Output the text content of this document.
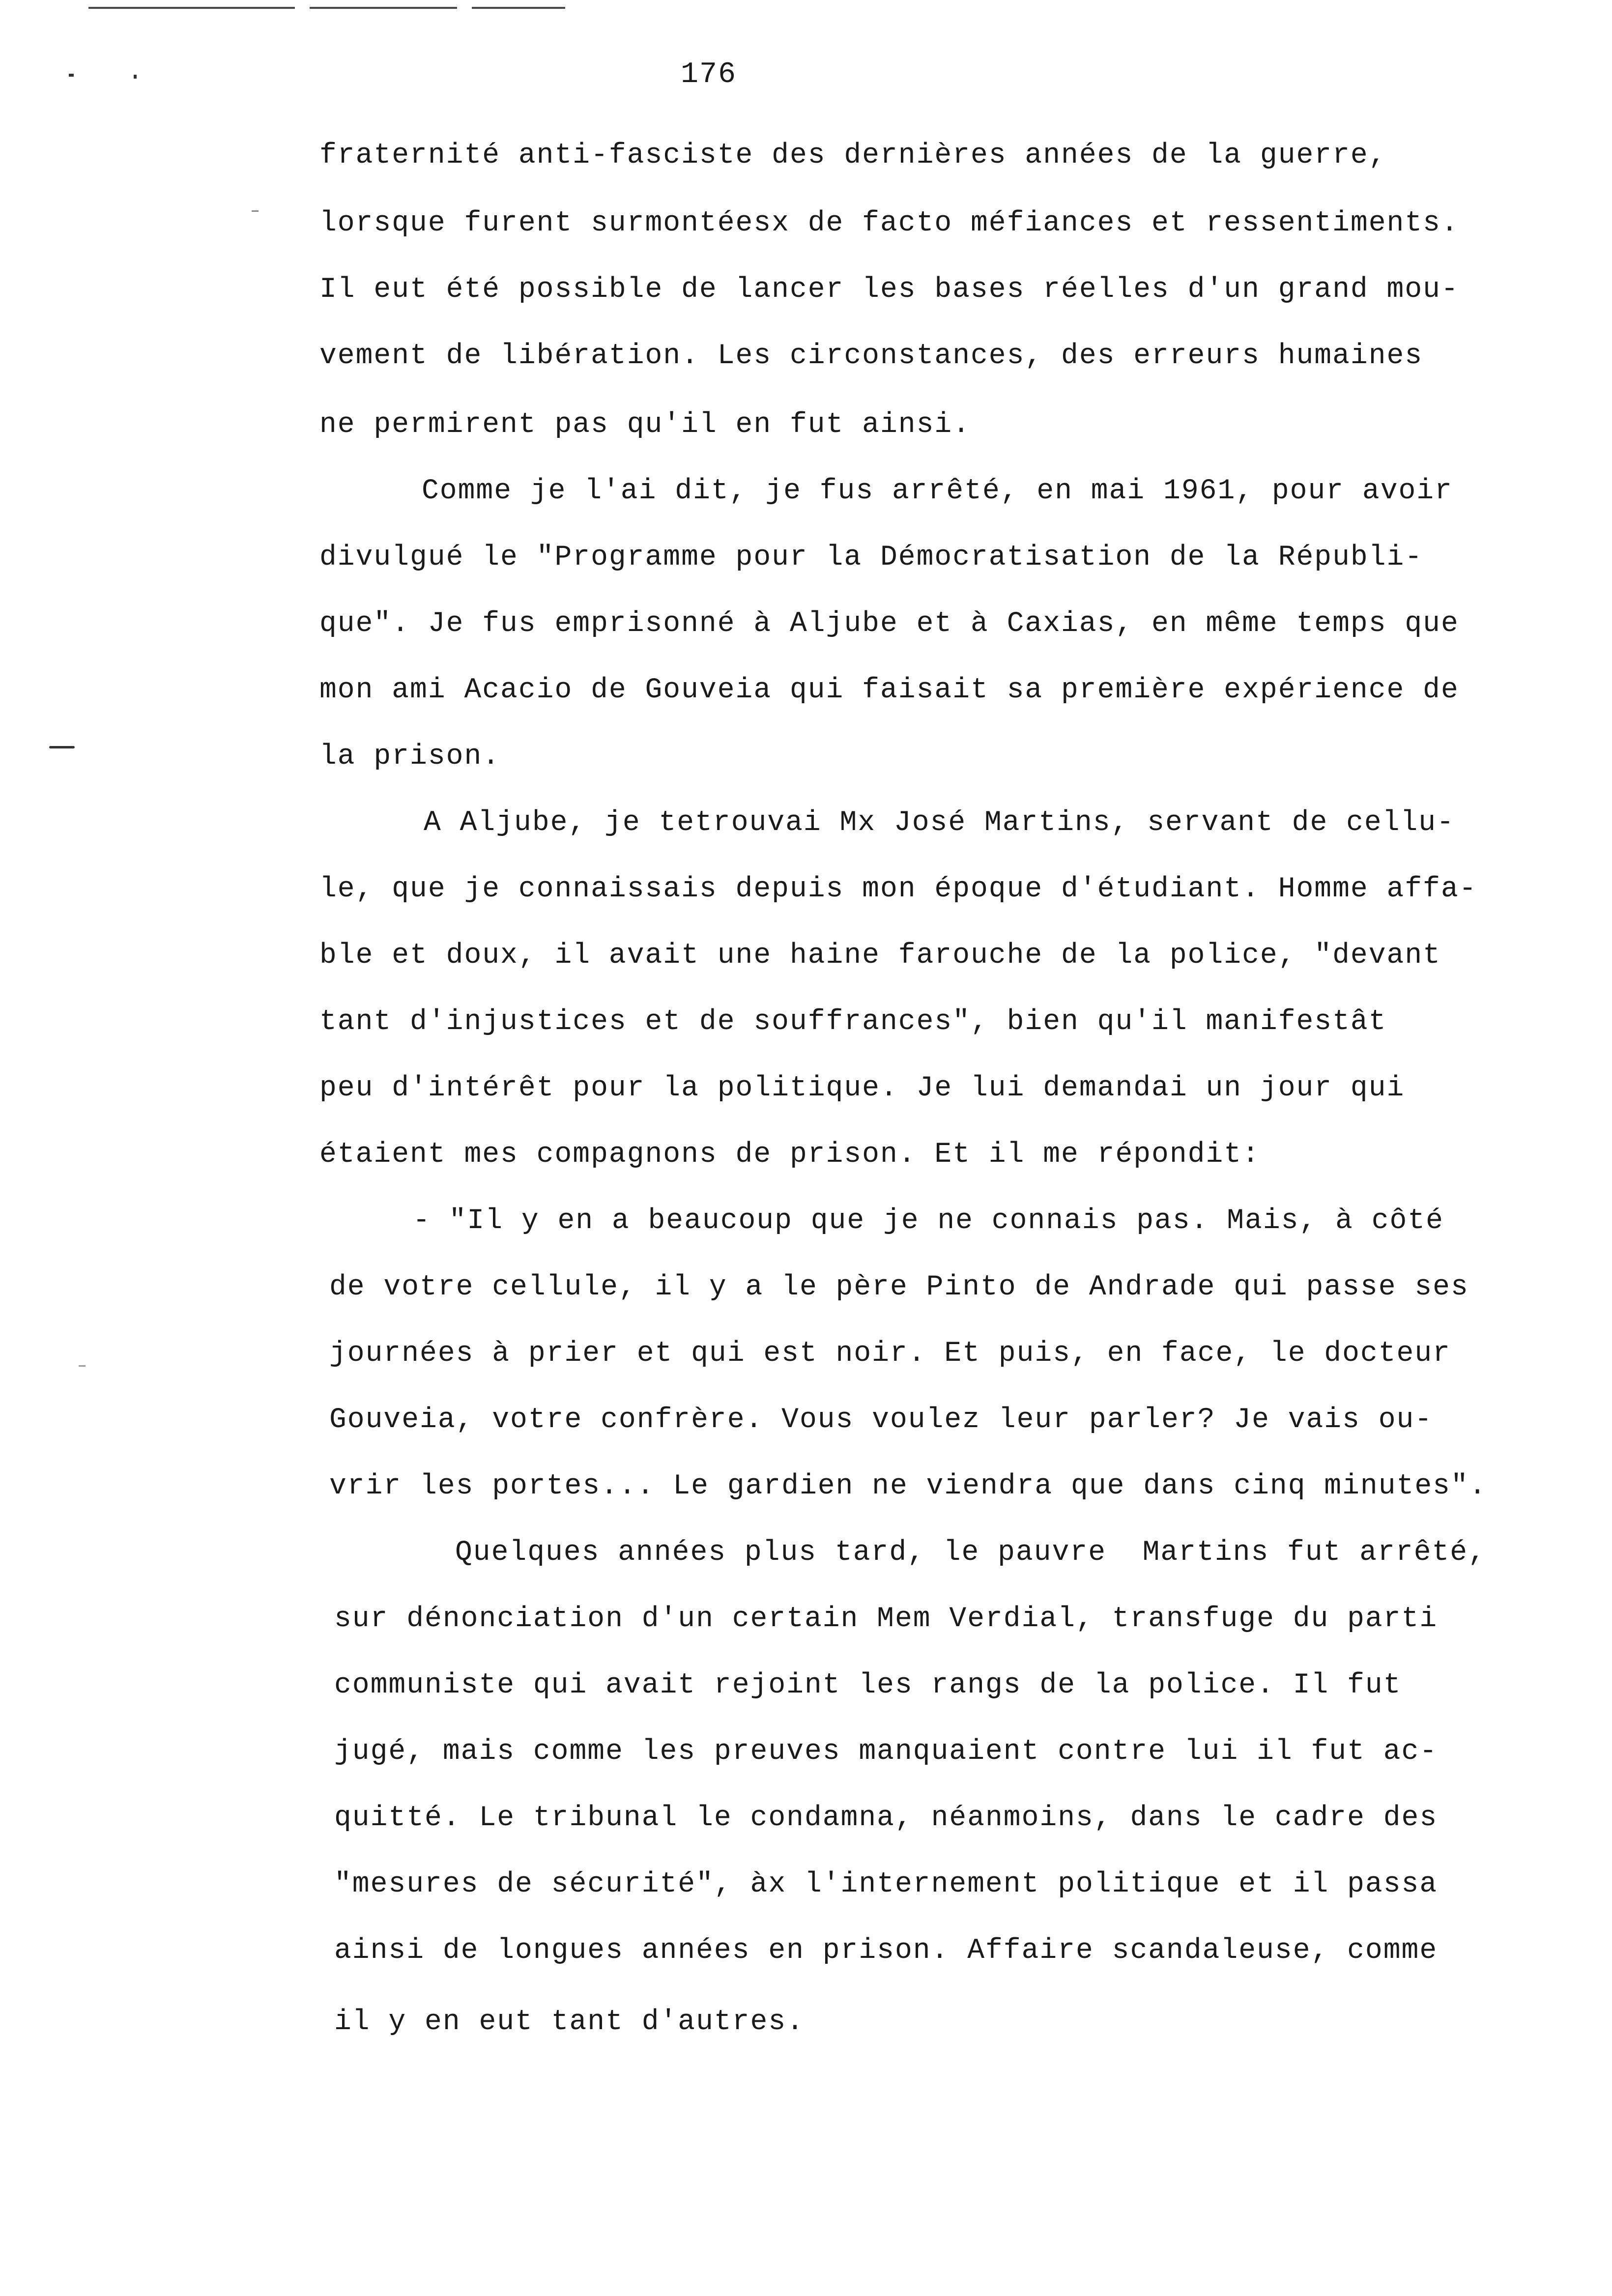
176
fraternité anti-fasciste des dernières années de la guerre,
lorsque furent surmontéesx de facto méfiances et ressentiments.
Il eut été possible de lancer les bases réelles d'un grand mou-
vement de libération. Les circonstances, des erreurs humaines
ne permirent pas qu'il en fut ainsi.
Comme je l'ai dit, je fus arrêté, en mai 1961, pour avoir
divulgué le "Programme pour la Démocratisation de la Républi-
que". Je fus emprisonné à Aljube et à Caxias, en même temps que
mon ami Acacio de Gouveia qui faisait sa première expérience de
la prison.
A Aljube, je tetrouvai Mx José Martins, servant de cellu-
le, que je connaissais depuis mon époque d'étudiant. Homme affa-
ble et doux, il avait une haine farouche de la police, "devant
tant d'injustices et de souffrances", bien qu'il manifestât
peu d'intérêt pour la politique. Je lui demandai un jour qui
étaient mes compagnons de prison. Et il me répondit:
- "Il y en a beaucoup que je ne connais pas. Mais, à côté
de votre cellule, il y a le père Pinto de Andrade qui passe ses
journées à prier et qui est noir. Et puis, en face, le docteur
Gouveia, votre confrère. Vous voulez leur parler? Je vais ou-
vrir les portes... Le gardien ne viendra que dans cinq minutes".
Quelques années plus tard, le pauvre  Martins fut arrêté,
sur dénonciation d'un certain Mem Verdial, transfuge du parti
communiste qui avait rejoint les rangs de la police. Il fut
jugé, mais comme les preuves manquaient contre lui il fut ac-
quitté. Le tribunal le condamna, néanmoins, dans le cadre des
"mesures de sécurité", àx l'internement politique et il passa
ainsi de longues années en prison. Affaire scandaleuse, comme
il y en eut tant d'autres.
